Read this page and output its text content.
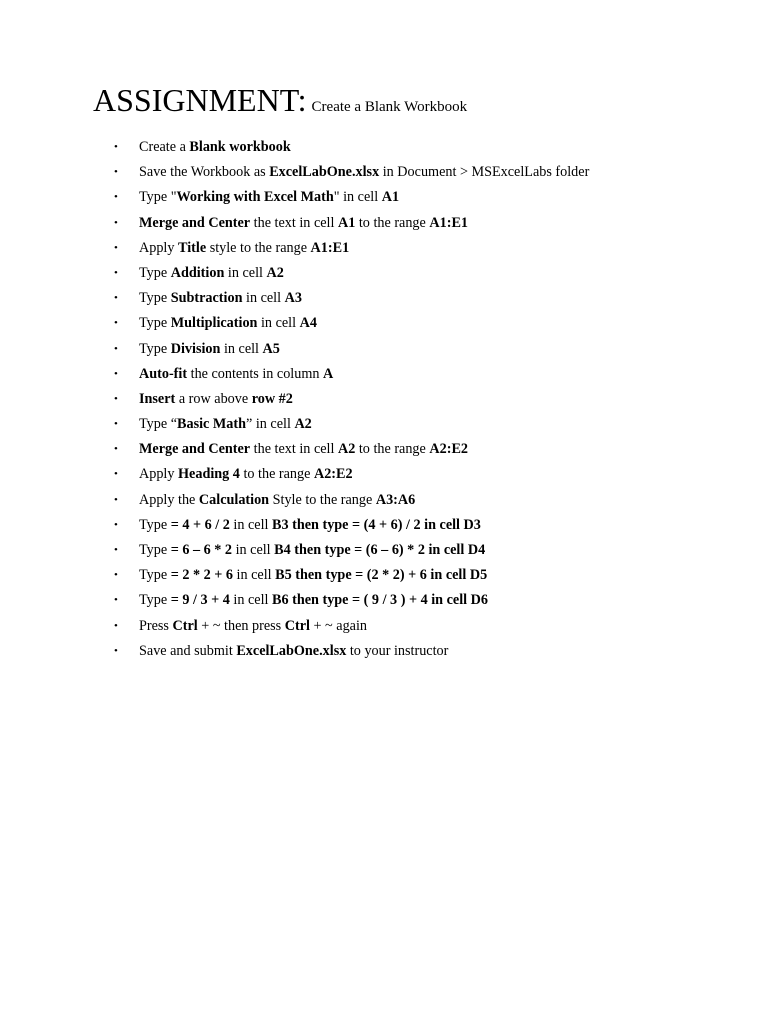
ASSIGNMENT: Create a Blank Workbook
• Create a Blank workbook
• Save the Workbook as ExcelLabOne.xlsx in Document > MSExcelLabs folder
• Type "Working with Excel Math" in cell A1
• Merge and Center the text in cell A1 to the range A1:E1
• Apply Title style to the range A1:E1
• Type Addition in cell A2
• Type Subtraction in cell A3
• Type Multiplication in cell A4
• Type Division in cell A5
• Auto-fit the contents in column A
• Insert a row above row #2
• Type “Basic Math” in cell A2
• Merge and Center the text in cell A2 to the range A2:E2
• Apply Heading 4 to the range A2:E2
• Apply the Calculation Style to the range A3:A6
• Type = 4 + 6 / 2 in cell B3 then type = (4 + 6) / 2 in cell D3
• Type = 6 – 6 * 2 in cell B4 then type = (6 – 6) * 2 in cell D4
• Type = 2 * 2 + 6 in cell B5 then type = (2 * 2) + 6 in cell D5
• Type = 9 / 3 + 4 in cell B6 then type = ( 9 / 3 ) + 4 in cell D6
• Press Ctrl + ~ then press Ctrl + ~ again
• Save and submit ExcelLabOne.xlsx to your instructor
